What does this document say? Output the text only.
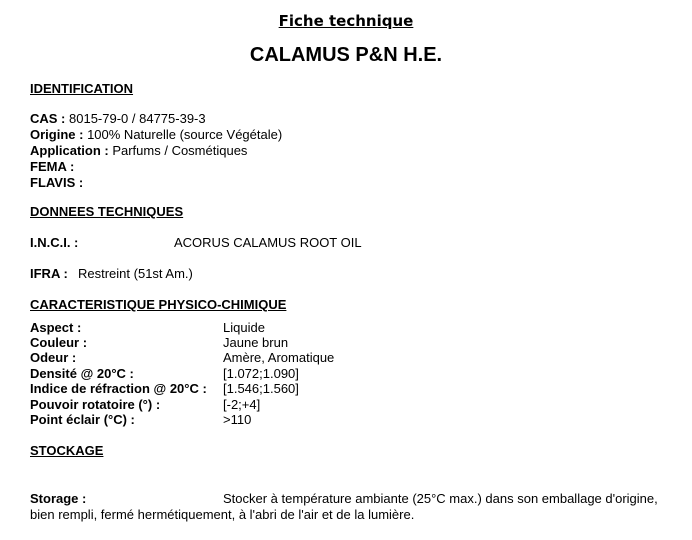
Fiche technique
CALAMUS P&N H.E.
IDENTIFICATION
CAS : 8015-79-0 / 84775-39-3
Origine : 100% Naturelle (source Végétale)
Application : Parfums / Cosmétiques
FEMA :
FLAVIS :
DONNEES TECHNIQUES
I.N.C.I. :	ACORUS CALAMUS ROOT OIL
IFRA : Restreint (51st Am.)
CARACTERISTIQUE PHYSICO-CHIMIQUE
Aspect :	Liquide
Couleur :	Jaune brun
Odeur :	Amère, Aromatique
Densité @ 20°C :	[1.072;1.090]
Indice de réfraction @ 20°C : [1.546;1.560]
Pouvoir rotatoire (°) :	[-2;+4]
Point éclair (°C) :	>110
STOCKAGE
Storage :	Stocker à température ambiante (25°C max.) dans son emballage d'origine,
bien rempli, fermé hermétiquement, à l'abri de l'air et de la lumière.
